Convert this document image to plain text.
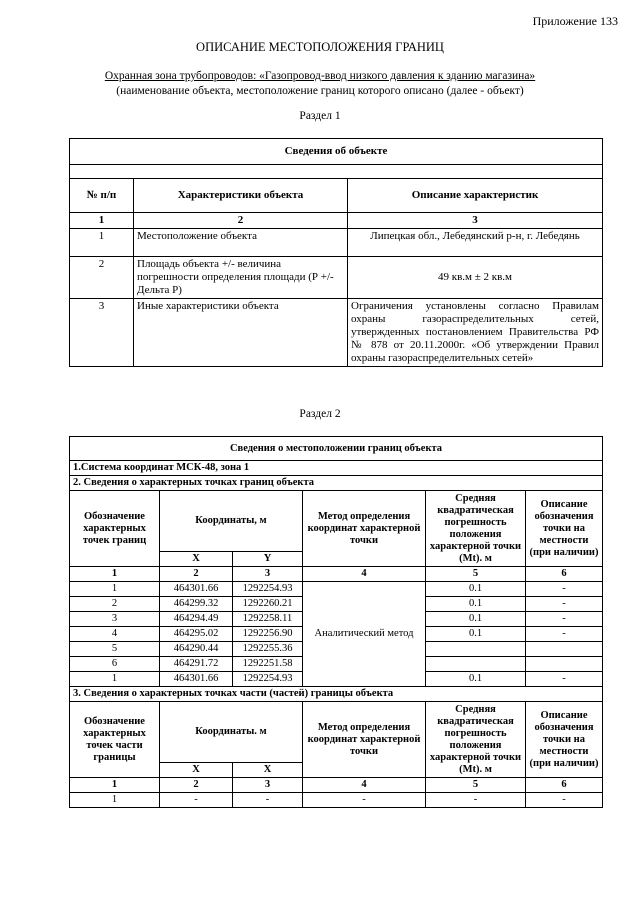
Приложение 133
ОПИСАНИЕ МЕСТОПОЛОЖЕНИЯ ГРАНИЦ
Охранная зона трубопроводов: «Газопровод-ввод низкого давления к зданию магазина»
(наименование объекта, местоположение границ которого описано (далее - объект)
Раздел 1
Сведения об объекте		

№ п/п	Характеристики объекта	Описание характеристик
1	2	3
1	Местоположение объекта	Липецкая обл., Лебедянский р-н, г. Лебедянь
2	Площадь объекта +/- величина погрешности определения площади (Р +/- Дельта Р)	49 кв.м ± 2 кв.м
3	Иные характеристики объекта	Ограничения установлены согласно Правилам охраны газораспределительных сетей, утвержденных постановлением Правительства РФ № 878 от 20.11.2000г. «Об утверждении Правил охраны газораспределительных сетей»
Раздел 2
Сведения о местоположении границ объекта					
1.Система координат МСК-48, зона 1					
2. Сведения о характерных точках границ объекта					
Обозначение характерных точек границ	Координаты, м		Метод определения координат характерной точки	Средняя квадратическая погрешность положения характерной точки (Mt). м	Описание обозначения точки на местности (при наличии)
	X	Y			
1	2	3	4	5	6
1	464301.66	1292254.93	Аналитический метод	0.1	-
2	464299.32	1292260.21		0.1	-
3	464294.49	1292258.11		0.1	-
4	464295.02	1292256.90		0.1	-
5	464290.44	1292255.36			
6	464291.72	1292251.58			
1	464301.66	1292254.93		0.1	-
3. Сведения о характерных точках части (частей) границы объекта					
Обозначение характерных точек части границы	Координаты. м		Метод определения координат характерной точки	Средняя квадратическая погрешность положения характерной точки (Mt). м	Описание обозначения точки на местности (при наличии)
	X	X			
1	2	3	4	5	6
1	-	-	-	-	-
